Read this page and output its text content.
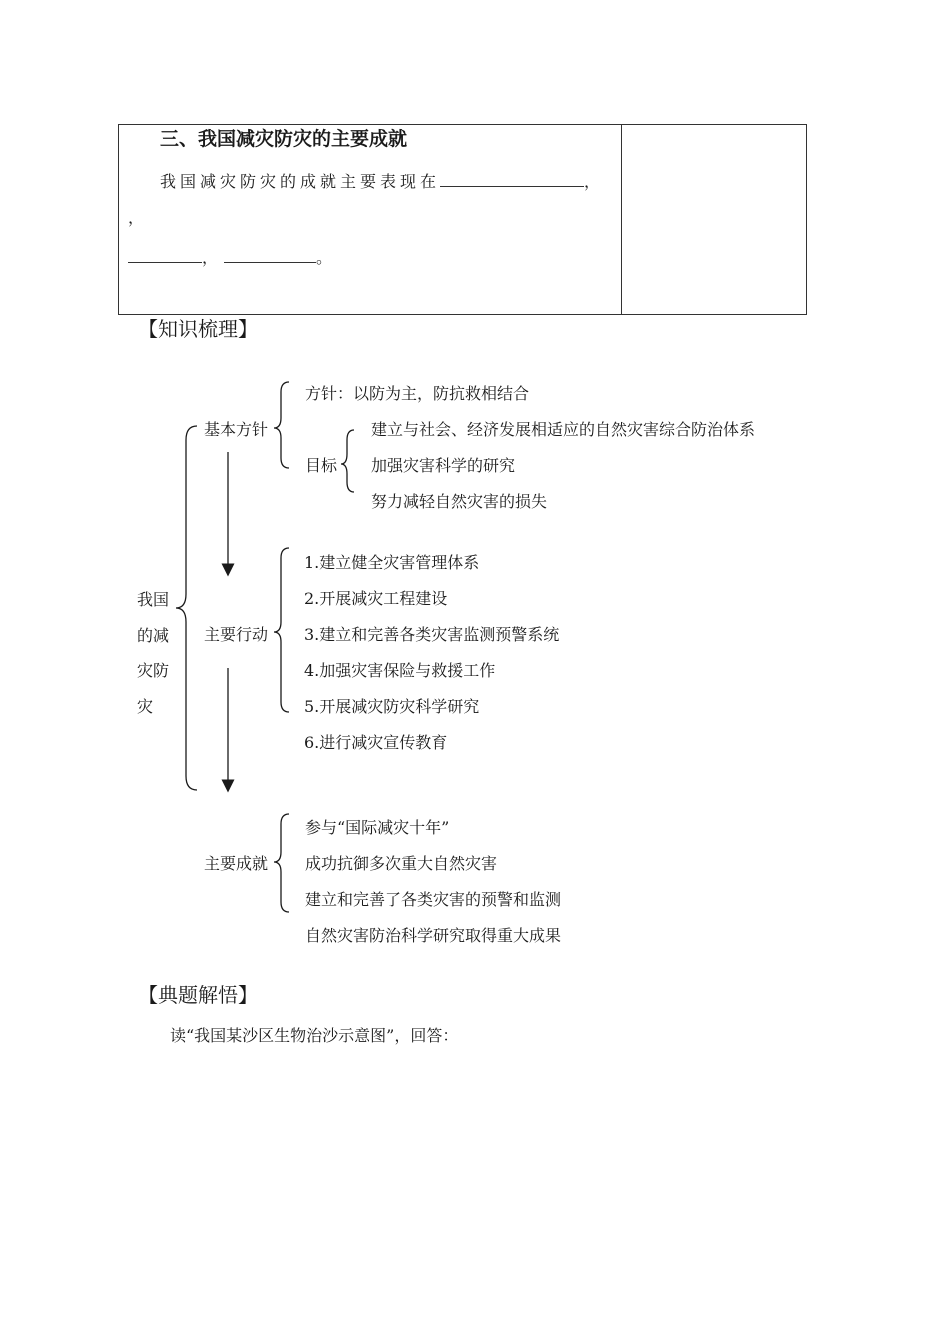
三、我国减灾防灾的主要成就
我国减灾防灾的成就主要表现在	，
，
，	。
【知识梳理】
我国
的减
灾防
灾
基本方针
方针：以防为主，防抗救相结合
目标
建立与社会、经济发展相适应的自然灾害综合防治体系
加强灾害科学的研究
努力减轻自然灾害的损失
主要行动
1.建立健全灾害管理体系
2.开展减灾工程建设
3.建立和完善各类灾害监测预警系统
4.加强灾害保险与救援工作
5.开展减灾防灾科学研究
6.进行减灾宣传教育
主要成就
参与“国际减灾十年”
成功抗御多次重大自然灾害
建立和完善了各类灾害的预警和监测
自然灾害防治科学研究取得重大成果
【典题解悟】
读“我国某沙区生物治沙示意图”，回答：
